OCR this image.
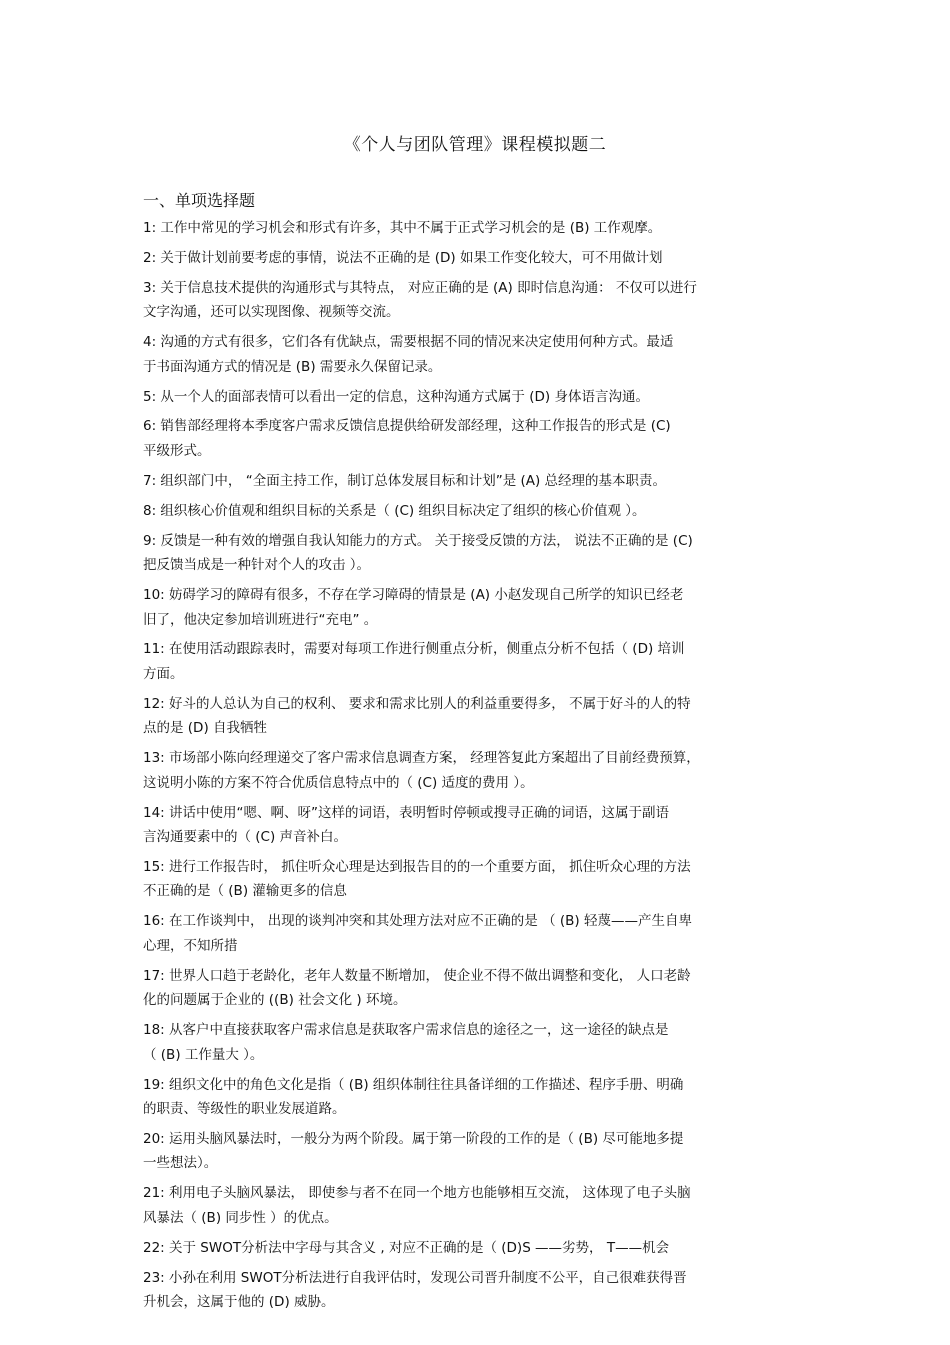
《个人与团队管理》课程模拟题二
一、单项选择题
1: 工作中常见的学习机会和形式有许多，其中不属于正式学习机会的是 (B) 工作观摩。
2: 关于做计划前要考虑的事情，说法不正确的是 (D) 如果工作变化较大，可不用做计划
3: 关于信息技术提供的沟通形式与其特点， 对应正确的是 (A) 即时信息沟通： 不仅可以进行
文字沟通，还可以实现图像、视频等交流。
4: 沟通的方式有很多，它们各有优缺点，需要根据不同的情况来决定使用何种方式。最适
于书面沟通方式的情况是 (B) 需要永久保留记录。
5: 从一个人的面部表情可以看出一定的信息，这种沟通方式属于 (D) 身体语言沟通。
6: 销售部经理将本季度客户需求反馈信息提供给研发部经理，这种工作报告的形式是 (C)
平级形式。
7: 组织部门中， “全面主持工作，制订总体发展目标和计划”是 (A) 总经理的基本职责。
8: 组织核心价值观和组织目标的关系是（ (C) 组织目标决定了组织的核心价值观 ）。
9: 反馈是一种有效的增强自我认知能力的方式。 关于接受反馈的方法， 说法不正确的是 (C)
把反馈当成是一种针对个人的攻击 ）。
10: 妨碍学习的障碍有很多，不存在学习障碍的情景是 (A) 小赵发现自己所学的知识已经老
旧了，他决定参加培训班进行“充电” 。
11: 在使用活动跟踪表时，需要对每项工作进行侧重点分析，侧重点分析不包括（ (D) 培训
方面。
12: 好斗的人总认为自己的权利、 要求和需求比别人的利益重要得多， 不属于好斗的人的特
点的是 (D) 自我牺牲
13: 市场部小陈向经理递交了客户需求信息调查方案， 经理答复此方案超出了目前经费预算，
这说明小陈的方案不符合优质信息特点中的（ (C) 适度的费用 ）。
14: 讲话中使用“嗯、啊、呀”这样的词语，表明暂时停顿或搜寻正确的词语，这属于副语
言沟通要素中的（ (C) 声音补白。
15: 进行工作报告时， 抓住听众心理是达到报告目的的一个重要方面， 抓住听众心理的方法
不正确的是（ (B) 灌输更多的信息
16: 在工作谈判中， 出现的谈判冲突和其处理方法对应不正确的是 （ (B) 轻蔑——产生自卑
心理，不知所措
17: 世界人口趋于老龄化，老年人数量不断增加， 使企业不得不做出调整和变化， 人口老龄
化的问题属于企业的 ((B) 社会文化 ) 环境。
18: 从客户中直接获取客户需求信息是获取客户需求信息的途径之一，这一途径的缺点是
（ (B) 工作量大 ）。
19: 组织文化中的角色文化是指（ (B) 组织体制往往具备详细的工作描述、程序手册、明确
的职责、等级性的职业发展道路。
20: 运用头脑风暴法时，一般分为两个阶段。属于第一阶段的工作的是（ (B) 尽可能地多提
一些想法）。
21: 利用电子头脑风暴法， 即使参与者不在同一个地方也能够相互交流， 这体现了电子头脑
风暴法（ (B) 同步性 ）的优点。
22: 关于 SWOT分析法中字母与其含义 , 对应不正确的是（ (D)S ——劣势， T——机会
23: 小孙在利用 SWOT分析法进行自我评估时，发现公司晋升制度不公平，自己很难获得晋
升机会，这属于他的 (D) 威胁。
